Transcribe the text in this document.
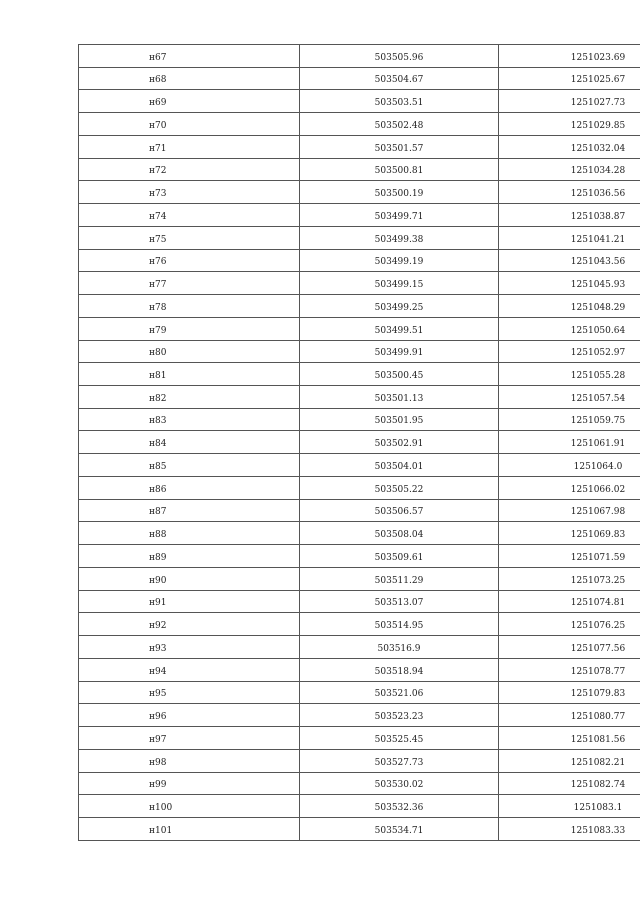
н67	503505.96	1251023.69
н68	503504.67	1251025.67
н69	503503.51	1251027.73
н70	503502.48	1251029.85
н71	503501.57	1251032.04
н72	503500.81	1251034.28
н73	503500.19	1251036.56
н74	503499.71	1251038.87
н75	503499.38	1251041.21
н76	503499.19	1251043.56
н77	503499.15	1251045.93
н78	503499.25	1251048.29
н79	503499.51	1251050.64
н80	503499.91	1251052.97
н81	503500.45	1251055.28
н82	503501.13	1251057.54
н83	503501.95	1251059.75
н84	503502.91	1251061.91
н85	503504.01	1251064.0
н86	503505.22	1251066.02
н87	503506.57	1251067.98
н88	503508.04	1251069.83
н89	503509.61	1251071.59
н90	503511.29	1251073.25
н91	503513.07	1251074.81
н92	503514.95	1251076.25
н93	503516.9	1251077.56
н94	503518.94	1251078.77
н95	503521.06	1251079.83
н96	503523.23	1251080.77
н97	503525.45	1251081.56
н98	503527.73	1251082.21
н99	503530.02	1251082.74
н100	503532.36	1251083.1
н101	503534.71	1251083.33
